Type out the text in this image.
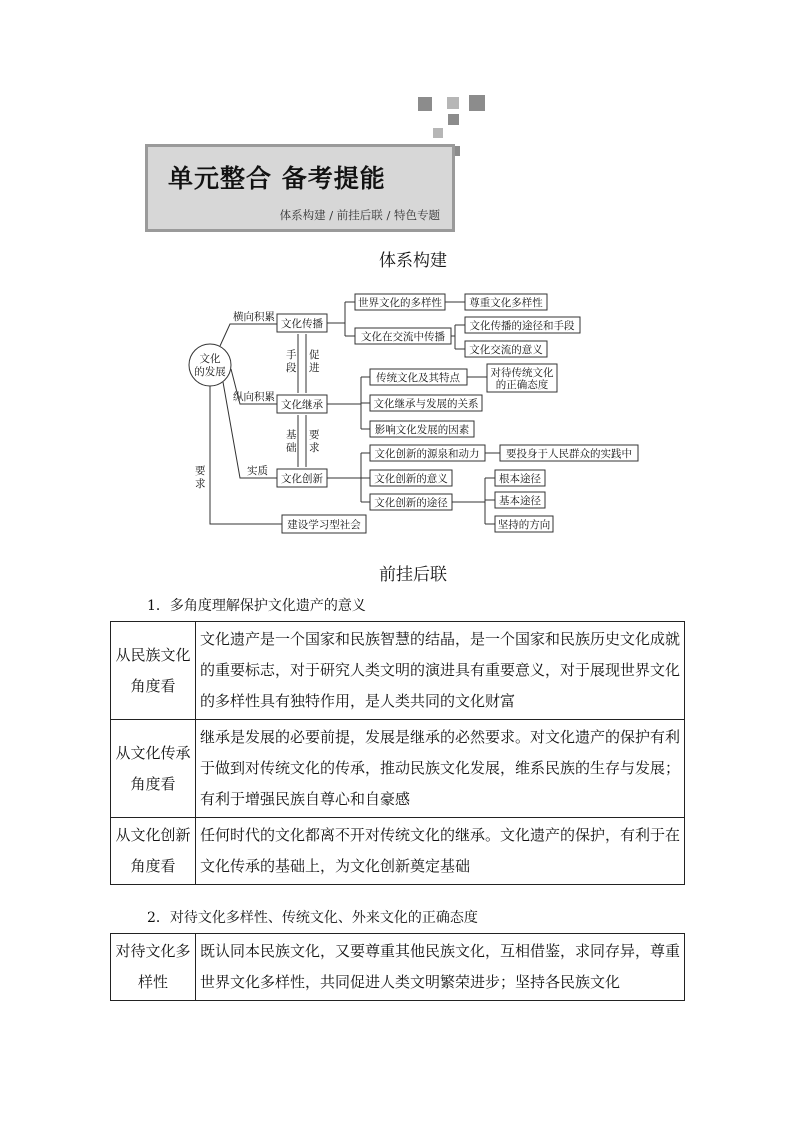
单元整合 备考提能
体系构建 / 前挂后联 / 特色专题
体系构建
文化
的发展
横向积累
纵向积累
实质
要
求
文化传播
文化继承
文化创新
建设学习型社会
手
段
促
进
基
础
要
求
世界文化的多样性
文化在交流中传播
尊重文化多样性
文化传播的途径和手段
文化交流的意义
传统文化及其特点
文化继承与发展的关系
影响文化发展的因素
对待传统文化
的正确态度
文化创新的源泉和动力
文化创新的意义
文化创新的途径
要投身于人民群众的实践中
根本途径
基本途径
坚持的方向
前挂后联
1．多角度理解保护文化遗产的意义
从民族文化角度看	文化遗产是一个国家和民族智慧的结晶，是一个国家和民族历史文化成就的重要标志，对于研究人类文明的演进具有重要意义，对于展现世界文化的多样性具有独特作用，是人类共同的文化财富
从文化传承角度看	继承是发展的必要前提，发展是继承的必然要求。对文化遗产的保护有利于做到对传统文化的传承，推动民族文化发展，维系民族的生存与发展；有利于增强民族自尊心和自豪感
从文化创新角度看	任何时代的文化都离不开对传统文化的继承。文化遗产的保护，有利于在文化传承的基础上，为文化创新奠定基础
2．对待文化多样性、传统文化、外来文化的正确态度
对待文化多样性	既认同本民族文化，又要尊重其他民族文化，互相借鉴，求同存异，尊重世界文化多样性，共同促进人类文明繁荣进步；坚持各民族文化
